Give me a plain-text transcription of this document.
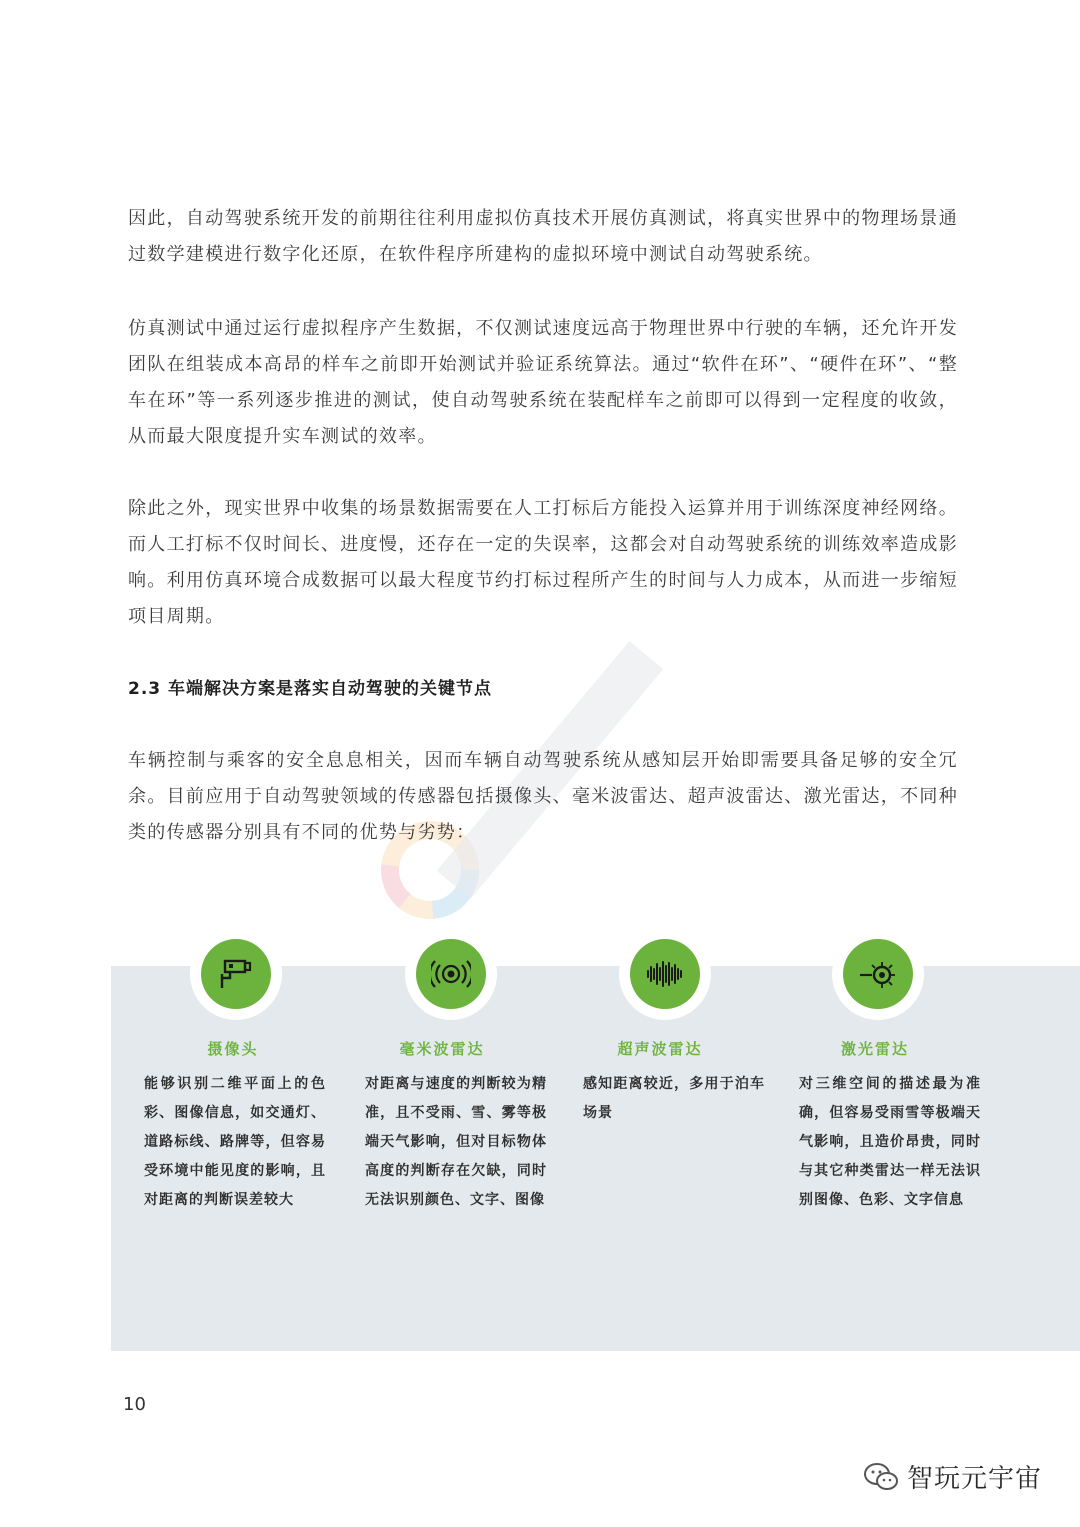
因此，自动驾驶系统开发的前期往往利用虚拟仿真技术开展仿真测试，将真实世界中的物理场景通过数学建模进行数字化还原，在软件程序所建构的虚拟环境中测试自动驾驶系统。

仿真测试中通过运行虚拟程序产生数据，不仅测试速度远高于物理世界中行驶的车辆，还允许开发团队在组装成本高昂的样车之前即开始测试并验证系统算法。通过“软件在环”、“硬件在环”、“整车在环”等一系列逐步推进的测试，使自动驾驶系统在装配样车之前即可以得到一定程度的收敛，从而最大限度提升实车测试的效率。

除此之外，现实世界中收集的场景数据需要在人工打标后方能投入运算并用于训练深度神经网络。而人工打标不仅时间长、进度慢，还存在一定的失误率，这都会对自动驾驶系统的训练效率造成影响。利用仿真环境合成数据可以最大程度节约打标过程所产生的时间与人力成本，从而进一步缩短项目周期。

2.3 车端解决方案是落实自动驾驶的关键节点

车辆控制与乘客的安全息息相关，因而车辆自动驾驶系统从感知层开始即需要具备足够的安全冗余。目前应用于自动驾驶领域的传感器包括摄像头、毫米波雷达、超声波雷达、激光雷达，不同种类的传感器分别具有不同的优势与劣势：

摄像头

能够识别二维平面上的色彩、图像信息，如交通灯、道路标线、路牌等，但容易受环境中能见度的影响，且对距离的判断误差较大

毫米波雷达

对距离与速度的判断较为精准，且不受雨、雪、雾等极端天气影响，但对目标物体高度的判断存在欠缺，同时无法识别颜色、文字、图像

超声波雷达

感知距离较近，多用于泊车场景

激光雷达

对三维空间的描述最为准确，但容易受雨雪等极端天气影响，且造价昂贵，同时与其它种类雷达一样无法识别图像、色彩、文字信息

10
智玩元宇宙
